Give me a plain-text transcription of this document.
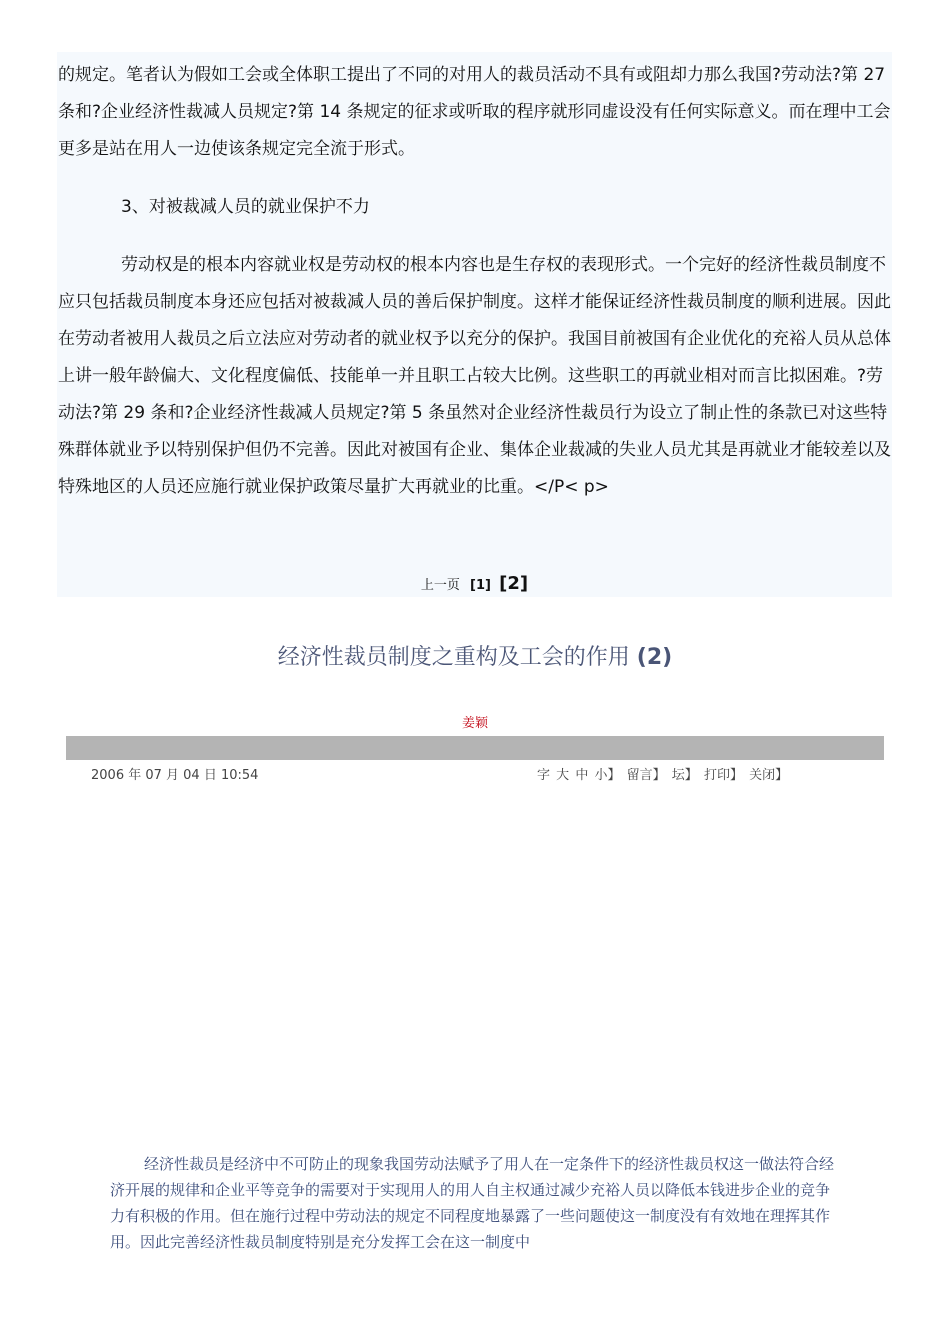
的规定。笔者认为假如工会或全体职工提出了不同的对用人的裁员活动不具有或阻却力那么我国?劳动法?第 27 条和?企业经济性裁减人员规定?第 14 条规定的征求或听取的程序就形同虚设没有任何实际意义。而在理中工会更多是站在用人一边使该条规定完全流于形式。

3、对被裁减人员的就业保护不力

劳动权是的根本内容就业权是劳动权的根本内容也是生存权的表现形式。一个完好的经济性裁员制度不应只包括裁员制度本身还应包括对被裁减人员的善后保护制度。这样才能保证经济性裁员制度的顺利进展。因此在劳动者被用人裁员之后立法应对劳动者的就业权予以充分的保护。我国目前被国有企业优化的充裕人员从总体上讲一般年龄偏大、文化程度偏低、技能单一并且职工占较大比例。这些职工的再就业相对而言比拟困难。?劳动法?第 29 条和?企业经济性裁减人员规定?第 5 条虽然对企业经济性裁员行为设立了制止性的条款已对这些特殊群体就业予以特别保护但仍不完善。因此对被国有企业、集体企业裁减的失业人员尤其是再就业才能较差以及特殊地区的人员还应施行就业保护政策尽量扩大再就业的比重。</P< p>

上一页 [1] [2]
经济性裁员制度之重构及工会的作用 (2)
姜颖
2006 年 07 月 04 日 10:54	字 大 中 小】 留言】 坛】 打印】 关闭】

经济性裁员是经济中不可防止的现象我国劳动法赋予了用人在一定条件下的经济性裁员权这一做法符合经济开展的规律和企业平等竞争的需要对于实现用人的用人自主权通过减少充裕人员以降低本钱进步企业的竞争力有积极的作用。但在施行过程中劳动法的规定不同程度地暴露了一些问题使这一制度没有有效地在理挥其作用。因此完善经济性裁员制度特别是充分发挥工会在这一制度中
